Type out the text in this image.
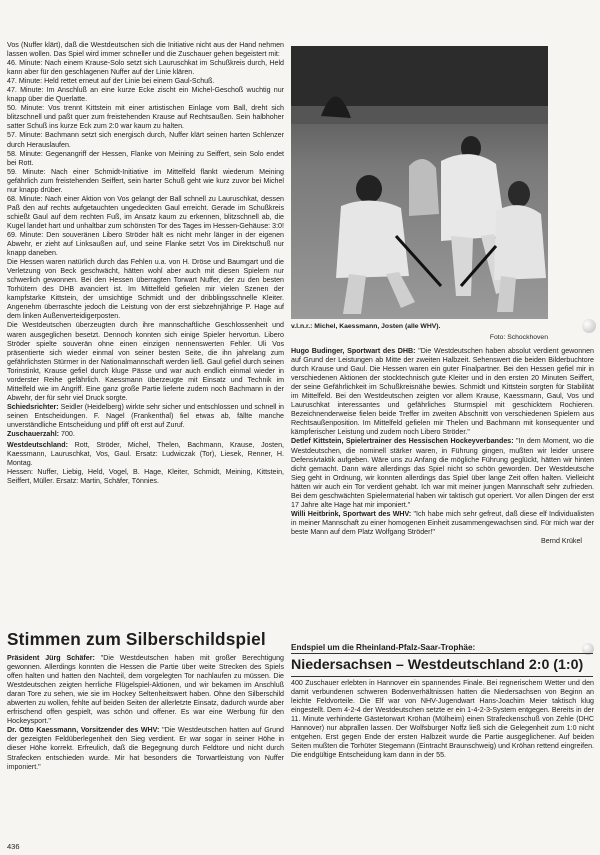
Vos (Nuffer klärt), daß die Westdeutschen sich die Initiative nicht aus der Hand nehmen lassen wollen. Das Spiel wird immer schneller und die Zuschauer gehen begeistert mit:

46. Minute: Nach einem Krause-Solo setzt sich Lauruschkat im Schußkreis durch, Held kann aber für den geschlagenen Nuffer auf der Linie klären.

47. Minute: Held rettet erneut auf der Linie bei einem Gaul-Schuß.

47. Minute: Im Anschluß an eine kurze Ecke zischt ein Michel-Geschoß wuchtig nur knapp über die Querlatte.

50. Minute: Vos trennt Kittstein mit einer artistischen Einlage vom Ball, dreht sich blitzschnell und paßt quer zum freistehenden Krause auf Rechtsaußen. Sein halbhoher satter Schuß ins kurze Eck zum 2:0 war kaum zu halten.

57. Minute: Bachmann setzt sich energisch durch, Nuffer klärt seinen harten Schlenzer durch Herauslaufen.

58. Minute: Gegenangriff der Hessen, Flanke von Meining zu Seiffert, sein Solo endet bei Rott.

59. Minute: Nach einer Schmidt-Initiative im Mittelfeld flankt wiederum Meining gefährlich zum freistehenden Seiffert, sein harter Schuß geht wie kurz zuvor bei Michel nur knapp drüber.

68. Minute: Nach einer Aktion von Vos gelangt der Ball schnell zu Lauruschkat, dessen Paß den auf rechts aufgetauchten ungedeckten Gaul erreicht. Gerade im Schußkreis schießt Gaul auf dem rechten Fuß, im Ansatz kaum zu erkennen, blitzschnell ab, die Kugel landet hart und unhaltbar zum schönsten Tor des Tages im Hessen-Gehäuse: 3:0!

69. Minute: Den souveränen Libero Ströder hält es nicht mehr länger in der eigenen Abwehr, er zieht auf Linksaußen auf, und seine Flanke setzt Vos im Direktschuß nur knapp daneben.

Die Hessen waren natürlich durch das Fehlen u.a. von H. Dröse und Baumgart und die Verletzung von Beck geschwächt, hätten wohl aber auch mit diesen Spielern nur schwerlich gewonnen. Bei den Hessen überragten Torwart Nuffer, der zu den besten Torhütern des DHB avanciert ist. Im Mittelfeld gefielen mir vielen Szenen der kampfstarke Kittstein, der umsichtige Schmidt und der dribblingsschnelle Kleiter. Angenehm überraschte jedoch die Leistung von der erst siebzehnjährige P. Hage auf dem linken Außenverteidigerposten.

Die Westdeutschen überzeugten durch ihre mannschaftliche Geschlossenheit und waren ausgeglichen besetzt. Dennoch konnten sich einige Spieler hervortun. Libero Ströder spielte souverän ohne einen einzigen nennenswerten Fehler. Uli Vos präsentierte sich wieder einmal von seiner besten Seite, die ihn jahrelang zum gefährlichsten Stürmer in der Nationalmannschaft werden ließ. Gaul gefiel durch seinen Torinstinkt, Krause gefiel durch kluge Pässe und war auch endlich einmal wieder in vorderster Reihe gefährlich. Kaessmann überzeugte mit Einsatz und Technik im Mittelfeld wie im Angriff. Eine ganz große Partie lieferte zudem noch Bachmann in der Abwehr, der für sehr viel Druck sorgte.

Schiedsrichter: Seidler (Heidelberg) wirkte sehr sicher und entschlossen und schnell in seinen Entscheidungen. F. Nagel (Frankenthal) fiel etwas ab, fällte manche unverständliche Entscheidung und pfiff oft erst auf Zuruf.

Zuschauerzahl: 700.

Westdeutschland: Rott, Ströder, Michel, Thelen, Bachmann, Krause, Josten, Kaessmann, Lauruschkat, Vos, Gaul. Ersatz: Ludwiczak (Tor), Liesek, Renner, H. Montag.

Hessen: Nuffer, Liebig, Held, Vogel, B. Hage, Kleiter, Schmidt, Meining, Kittstein, Seiffert, Müller. Ersatz: Martin, Schäfer, Tönnies.

Stimmen zum Silberschildspiel

Präsident Jürg Schäfer: "Die Westdeutschen haben mit großer Berechtigung gewonnen. Allerdings konnten die Hessen die Partie über weite Strecken des Spiels offen halten und hatten den Nachteil, dem vorgelegten Tor nachlaufen zu müssen. Die Westdeutschen zeigten herrliche Flügelspiel-Aktionen, und wir bekamen im Anschluß daran Tore zu sehen, wie sie im Hockey Seltenheitswert haben. Ohne den Silberschild abwerten zu wollen, fehlte auf beiden Seiten der allerletzte Einsatz, dadurch wurde aber erfrischend offen gespielt, was schön und offener. Es war eine Werbung für den Hockeysport."

Dr. Otto Kaessmann, Vorsitzender des WHV: "Die Westdeutschen hatten auf Grund der gezeigten Feldüberlegenheit den Sieg verdient. Er war sogar in seiner Höhe in dieser Höhe korrekt. Erfreulich, daß die Begegnung durch Feldtore und nicht durch Strafecken entschieden wurde. Mir hat besonders die Torwartleistung von Nuffer imponiert."

v.l.n.r.: Michel, Kaessmann, Josten (alle WHV).
Foto: Schockhoven

Hugo Budinger, Sportwart des DHB: "Die Westdeutschen haben absolut verdient gewonnen auf Grund der Leistungen ab Mitte der zweiten Halbzeit. Sehenswert die beiden Bilderbuchtore durch Krause und Gaul. Die Hessen waren ein guter Finalpartner. Bei den Hessen gefiel mir in verschiedenen Aktionen der stocktechnisch gute Kleiter und in den ersten 20 Minuten Seiffert, der seine Gefährlichkeit im Schußkreisnähe bewies. Schmidt und Kittstein sorgten für Stabilität im Mittelfeld. Bei den Westdeutschen zeigten vor allem Krause, Kaessmann, Gaul, Vos und Lauruschkat interessantes und gefährliches Sturmspiel mit geschicktem Rochieren. Bezeichnenderweise fielen beide Treffer im zweiten Abschnitt von verschiedenen Spielern aus Rechtsaußenposition. Im Mittelfeld gefielen mir Thelen und Bachmann mit konsequenter und kämpferischer Leistung und zudem noch Libero Ströder."

Detlef Kittstein, Spielertrainer des Hessischen Hockeyverbandes: "In dem Moment, wo die Westdeutschen, die nominell stärker waren, in Führung gingen, mußten wir leider unsere Defensivtaktik aufgeben. Wäre uns zu Anfang die mögliche Führung geglückt, hätten wir hinten dicht gemacht. Dann wäre allerdings das Spiel nicht so schön geworden. Der Westdeutsche Sieg geht in Ordnung, wir konnten allerdings das Spiel über lange Zeit offen halten. Vielleicht hätten wir auch ein Tor verdient gehabt. Ich war mit meiner jungen Mannschaft sehr zufrieden. Bei dem geschwächten Spielermaterial haben wir taktisch gut operiert. Vor allen Dingen der erst 17 Jahre alte Hage hat mir imponiert."

Willi Heitbrink, Sportwart des WHV: "Ich habe mich sehr gefreut, daß diese elf Individualisten in meiner Mannschaft zu einer homogenen Einheit zusammengewachsen sind. Für mich war der beste Mann auf dem Platz Wolfgang Ströder!"

Bernd Krükel

Endspiel um die Rheinland-Pfalz-Saar-Trophäe:
Niedersachsen – Westdeutschland 2:0 (1:0)

400 Zuschauer erlebten in Hannover ein spannendes Finale. Bei regnerischem Wetter und den damit verbundenen schweren Bodenverhältnissen hatten die Niedersachsen von Beginn an leichte Feldvorteile. Die Elf war von NHV-Jugendwart Hans-Joachim Meier taktisch klug eingestellt. Dem 4-2-4 der Westdeutschen setzte er ein 1-4-2-3-System entgegen. Bereits in der 11. Minute verhinderte Gästetorwart Kröhan (Mülheim) einen Strafeckenschuß von Zehle (DHC Hannover) nur abprallen lassen. Der Wolfsburger Noffz ließ sich die Gelegenheit zum 1:0 nicht entgehen. Erst gegen Ende der ersten Halbzeit wurde die Partie ausgeglichener. Auf beiden Seiten mußten die Torhüter Stegemann (Eintracht Braunschweig) und Kröhan rettend eingreifen. Die endgültige Entscheidung kam dann in der 55.

436
